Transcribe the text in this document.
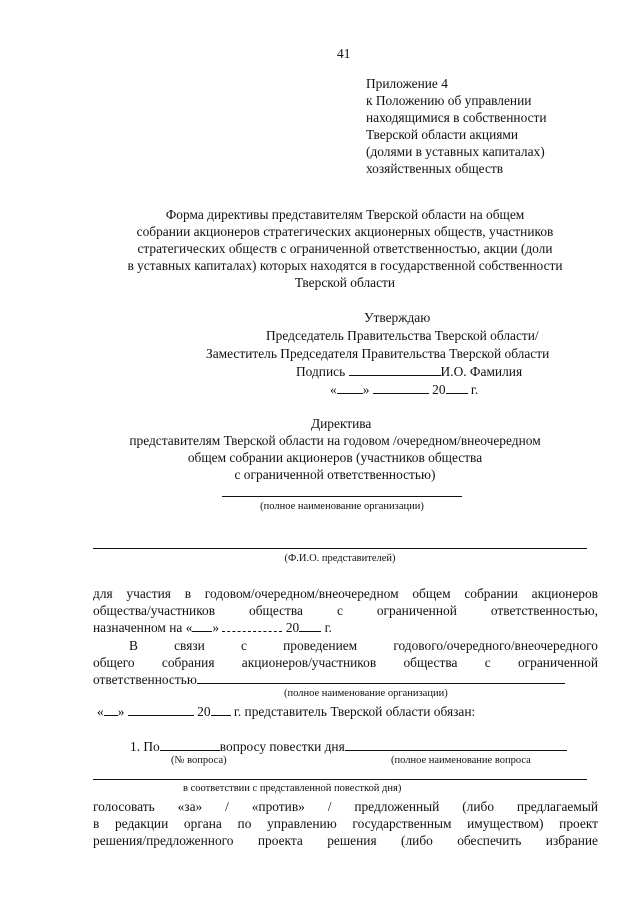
41
Приложение 4
к Положению об управлении
находящимися в собственности
Тверской области акциями
(долями в уставных капиталах)
хозяйственных обществ
Форма директивы представителям Тверской области на общем
собрании акционеров стратегических акционерных обществ, участников
стратегических обществ с ограниченной ответственностью, акции (доли
в уставных капиталах) которых находятся в государственной собственности
Тверской области
Утверждаю
Председатель Правительства Тверской области/
Заместитель Председателя Правительства Тверской области
Подпись	И.О. Фамилия
« »	20 г.
Директива
представителям Тверской области на годовом /очередном/внеочередном
общем собрании акционеров (участников общества
с ограниченной ответственностью)
(полное наименование организации)
(Ф.И.О. представителей)
для участия в годовом/очередном/внеочередном общем собрании акционеров
общества/участников общества с ограниченной ответственностью,
назначенном на « »	20 г.
В связи с проведением годового/очередного/внеочередного
общего собрания акционеров/участников общества с ограниченной
ответственностью
(полное наименование организации)
« »	20 г. представитель Тверской области обязан:
1. По	вопросу повестки дня
(№ вопроса)	(полное наименование вопроса
в соответствии с представленной повесткой дня)
голосовать «за» / «против» / предложенный (либо предлагаемый
в редакции органа по управлению государственным имуществом) проект
решения/предложенного проекта решения (либо обеспечить избрание
